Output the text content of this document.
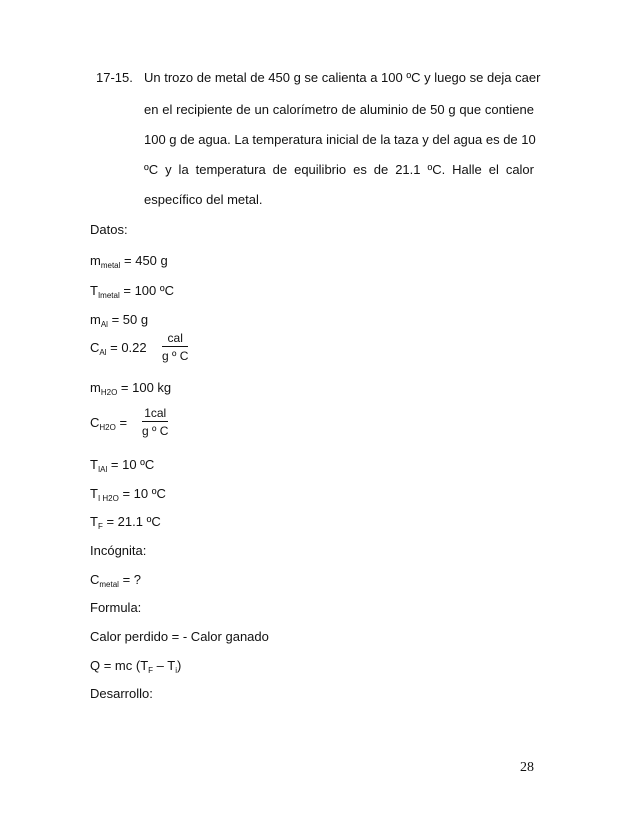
17-15. Un trozo de metal de 450 g se calienta a 100 ºC y luego se deja caer
en el recipiente de un calorímetro de aluminio de 50 g que contiene
100 g de agua. La temperatura inicial de la taza y del agua es de 10
ºC y la temperatura de equilibrio es de 21.1 ºC. Halle el calor
específico del metal.
Datos:
$m_{metal} = 450$ g
$T_{Imetal} = 100$ ºC
$m_{Al} = 50$ g
$C_{Al} = 0.22$
cal
g º C
$m_{H2O} = 100$ kg
$C_{H2O}$ =
1cal
g º C
$T_{IAl} = 10$ ºC
$T_{I H2O} = 10$ ºC
$T_F = 21.1$ ºC
Incógnita:
$C_{metal}$ = ?
Formula:
Calor perdido = - Calor ganado
Q = mc $(T_F - T_i)$
Desarrollo:
28
